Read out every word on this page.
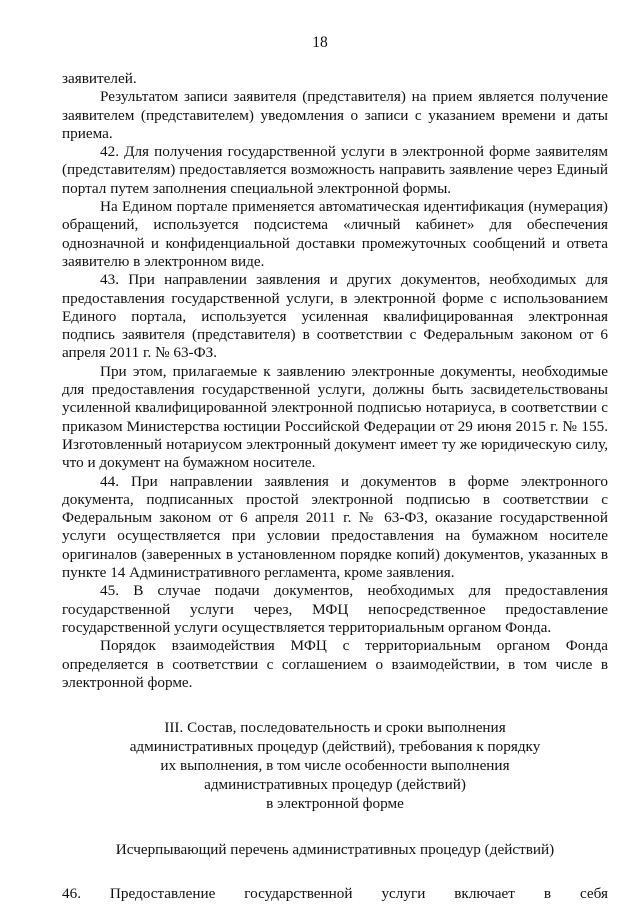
18

заявителей.

Результатом записи заявителя (представителя) на прием является получение заявителем (представителем) уведомления о записи с указанием времени и даты приема.

42. Для получения государственной услуги в электронной форме заявителям (представителям) предоставляется возможность направить заявление через Единый портал путем заполнения специальной электронной формы.

На Едином портале применяется автоматическая идентификация (нумерация) обращений, используется подсистема «личный кабинет» для обеспечения однозначной и конфиденциальной доставки промежуточных сообщений и ответа заявителю в электронном виде.

43. При направлении заявления и других документов, необходимых для предоставления государственной услуги, в электронной форме с использованием Единого портала, используется усиленная квалифицированная электронная подпись заявителя (представителя) в соответствии с Федеральным законом от 6 апреля 2011 г. № 63-ФЗ.

При этом, прилагаемые к заявлению электронные документы, необходимые для предоставления государственной услуги, должны быть засвидетельствованы усиленной квалифицированной электронной подписью нотариуса, в соответствии с приказом Министерства юстиции Российской Федерации от 29 июня 2015 г. № 155. Изготовленный нотариусом электронный документ имеет ту же юридическую силу, что и документ на бумажном носителе.

44. При направлении заявления и документов в форме электронного документа, подписанных простой электронной подписью в соответствии с Федеральным законом от 6 апреля 2011 г. № 63-ФЗ, оказание государственной услуги осуществляется при условии предоставления на бумажном носителе оригиналов (заверенных в установленном порядке копий) документов, указанных в пункте 14 Административного регламента, кроме заявления.

45. В случае подачи документов, необходимых для предоставления государственной услуги через, МФЦ непосредственное предоставление государственной услуги осуществляется территориальным органом Фонда.

Порядок взаимодействия МФЦ с территориальным органом Фонда определяется в соответствии с соглашением о взаимодействии, в том числе в электронной форме.

III. Состав, последовательность и сроки выполнения
административных процедур (действий), требования к порядку
их выполнения, в том числе особенности выполнения
административных процедур (действий)
в электронной форме
Исчерпывающий перечень административных процедур (действий)
46. Предоставление государственной услуги включает в себя
